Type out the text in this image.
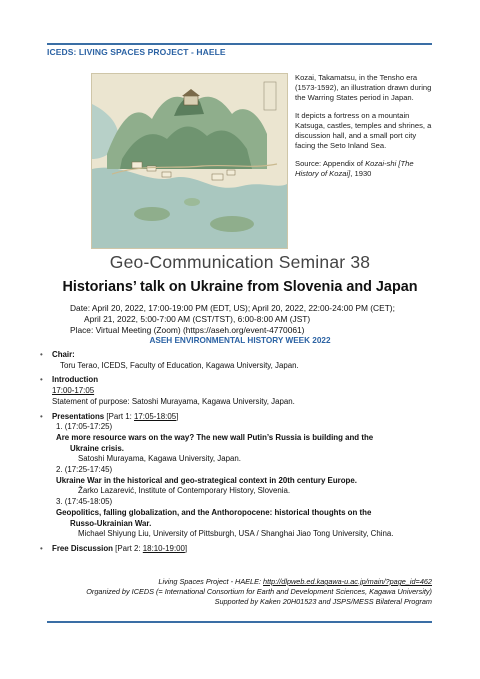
ICEDS: LIVING SPACES PROJECT - HAELE

Kozai, Takamatsu, in the Tensho era (1573-1592), an illustration drawn during the Warring States period in Japan.

It depicts a fortress on a mountain Katsuga, castles, temples and shrines, a discussion hall, and a small port city facing the Seto Inland Sea.

Source: Appendix of Kozai-shi [The History of Kozai], 1930

Geo-Communication Seminar 38
Historians’ talk on Ukraine from Slovenia and Japan
Date: April 20, 2022, 17:00-19:00 PM (EDT, US); April 20, 2022, 22:00-24:00 PM (CET);
April 21, 2022, 5:00-7:00 AM (CST/TST), 6:00-8:00 AM (JST)
Place: Virtual Meeting (Zoom) (https://aseh.org/event-4770061)
ASEH ENVIRONMENTAL HISTORY WEEK 2022
• Chair:
Toru Terao, ICEDS, Faculty of Education, Kagawa University, Japan.
• Introduction
17:00-17:05
Statement of purpose: Satoshi Murayama, Kagawa University, Japan.
• Presentations [Part 1: 17:05-18:05]
1. (17:05-17:25)
Are more resource wars on the way? The new wall Putin’s Russia is building and the
Ukraine crisis.
Satoshi Murayama, Kagawa University, Japan.
2. (17:25-17:45)
Ukraine War in the historical and geo-strategical context in 20th century Europe.
Žarko Lazarević, Institute of Contemporary History, Slovenia.
3. (17:45-18:05)
Geopolitics, falling globalization, and the Anthoropocene: historical thoughts on the
Russo-Ukrainian War.
Michael Shiyung Liu, University of Pittsburgh, USA / Shanghai Jiao Tong University, China.
• Free Discussion [Part 2: 18:10-19:00]
Living Spaces Project - HAELE: http://dlpweb.ed.kagawa-u.ac.jp/main/?page_id=462
Organized by ICEDS (= International Consortium for Earth and Development Sciences, Kagawa University)
Supported by Kaken 20H01523 and JSPS/MESS Bilateral Program
